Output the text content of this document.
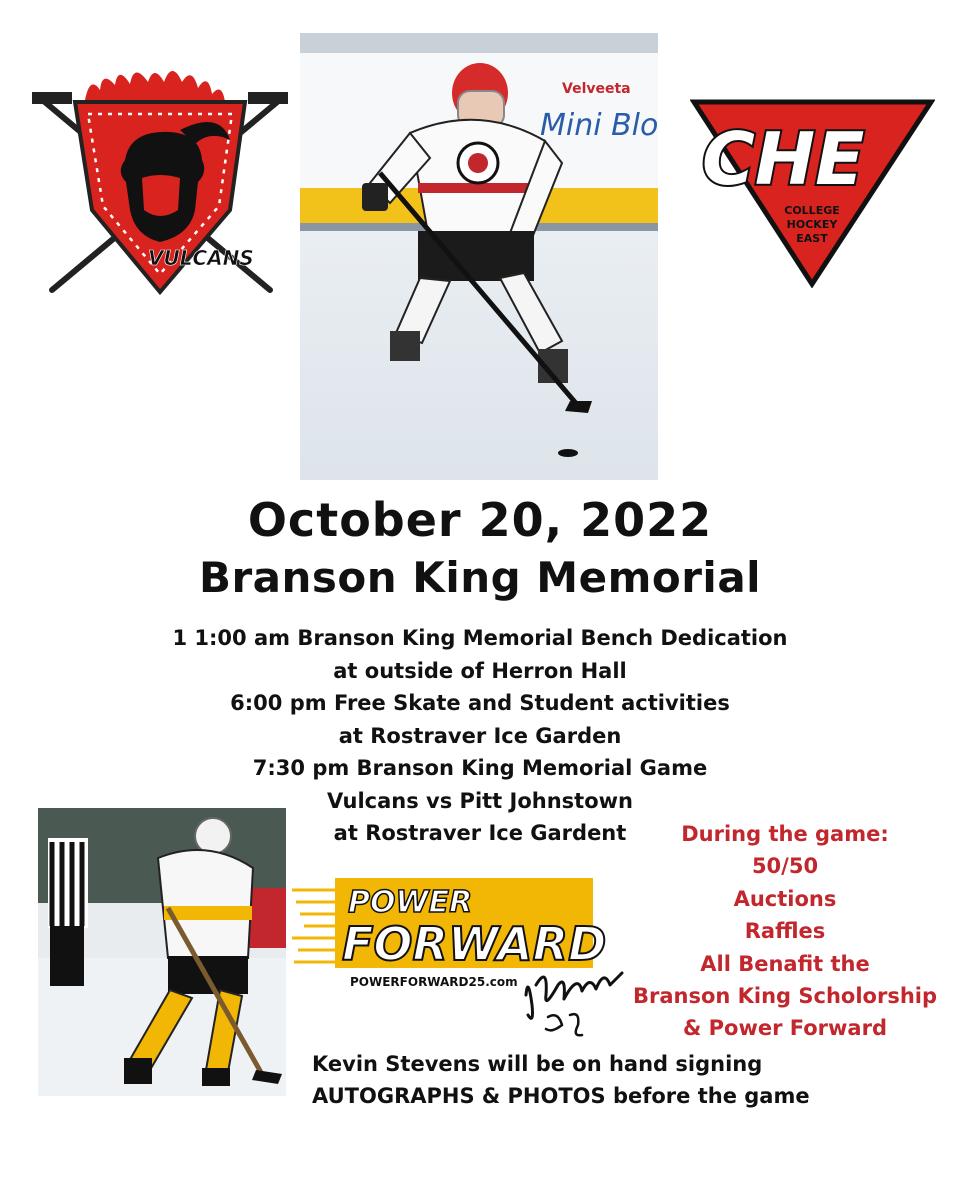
VULCANS
Velveeta
Mini Blo CHE
COLLEGE
HOCKEY
EAST
October 20, 2022
Branson King Memorial
1 1:00 am Branson King Memorial Bench Dedication
at outside of Herron Hall
6:00 pm Free Skate and Student activities
at Rostraver Ice Garden
7:30 pm Branson King Memorial Game
Vulcans vs Pitt Johnstown
at Rostraver Ice Gardent
POWER
FORWARD
POWERFORWARD25.com
During the game:
50/50
Auctions
Raffles
All Benafit the
Branson King Scholorship
& Power Forward
Kevin Stevens will be on hand signing
AUTOGRAPHS & PHOTOS before the game
